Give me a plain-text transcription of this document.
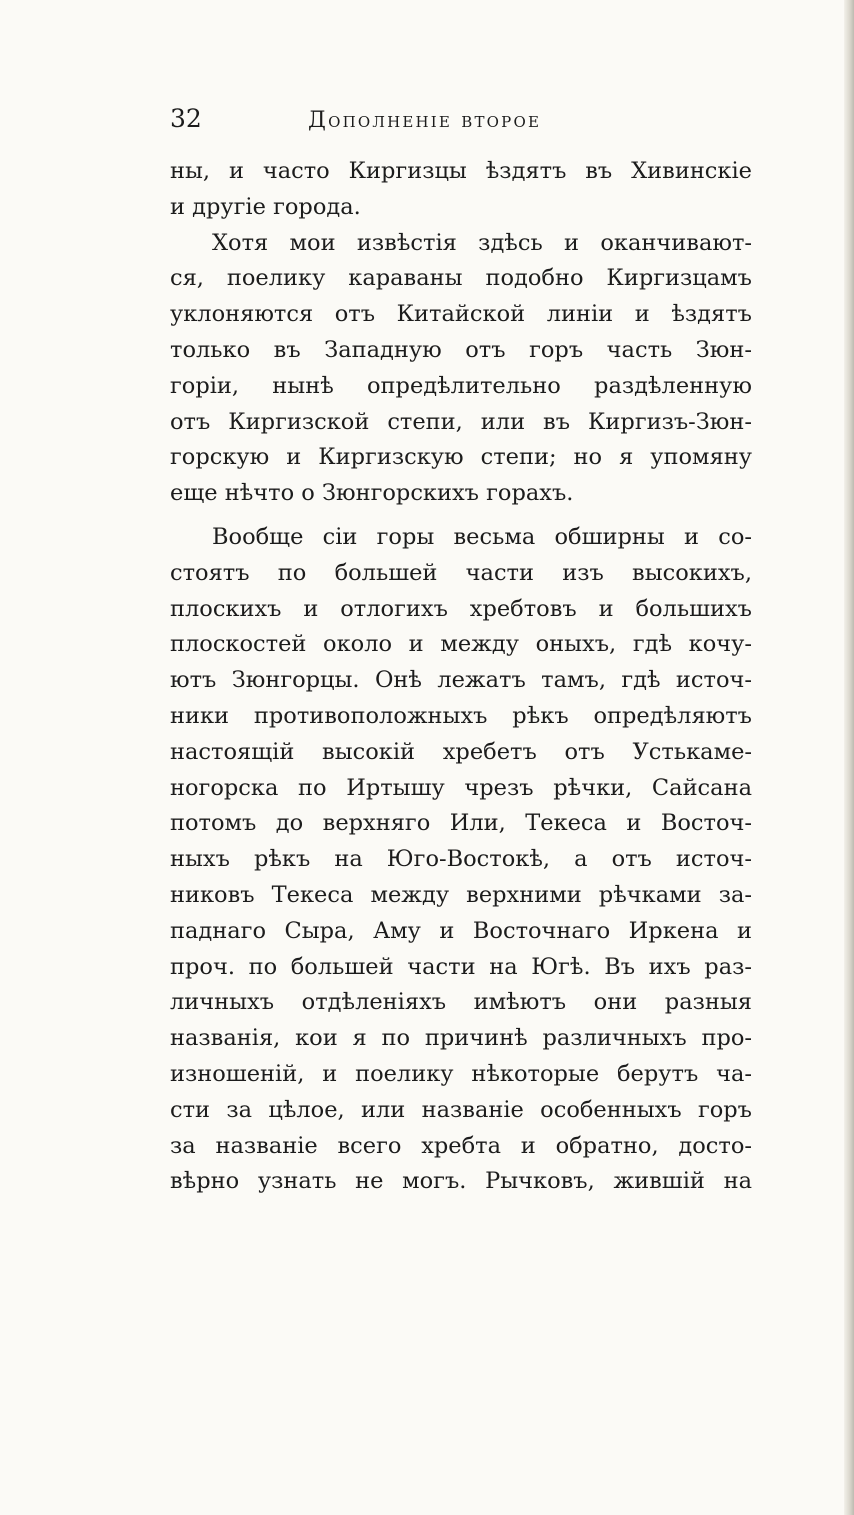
32	Дополненіе второе
ны, и часто Киргизцы ѣздятъ въ Хивинскіе
и другіе города.
Хотя мои извѣстія здѣсь и оканчивают-
ся, поелику караваны подобно Киргизцамъ
уклоняются отъ Китайской линіи и ѣздятъ
только въ Западную отъ горъ часть Зюн-
горіи, нынѣ опредѣлительно раздѣленную
отъ Киргизской степи, или въ Киргизъ-Зюн-
горскую и Киргизскую степи; но я упомяну
еще нѣчто о Зюнгорскихъ горахъ.
Вообще сіи горы весьма обширны и со-
стоятъ по большей части изъ высокихъ,
плоскихъ и отлогихъ хребтовъ и большихъ
плоскостей около и между оныхъ, гдѣ кочу-
ютъ Зюнгорцы. Онѣ лежатъ тамъ, гдѣ источ-
ники противоположныхъ рѣкъ опредѣляютъ
настоящій высокій хребетъ отъ Устькаме-
ногорска по Иртышу чрезъ рѣчки, Сайсана
потомъ до верхняго Или, Текеса и Восточ-
ныхъ рѣкъ на Юго-Востокѣ, а отъ источ-
никовъ Текеса между верхними рѣчками за-
паднаго Сыра, Аму и Восточнаго Иркена и
проч. по большей части на Югѣ. Въ ихъ раз-
личныхъ отдѣленіяхъ имѣютъ они разныя
названія, кои я по причинѣ различныхъ про-
изношеній, и поелику нѣкоторые берутъ ча-
сти за цѣлое, или названіе особенныхъ горъ
за названіе всего хребта и обратно, досто-
вѣрно узнать не могъ. Рычковъ, жившій на
